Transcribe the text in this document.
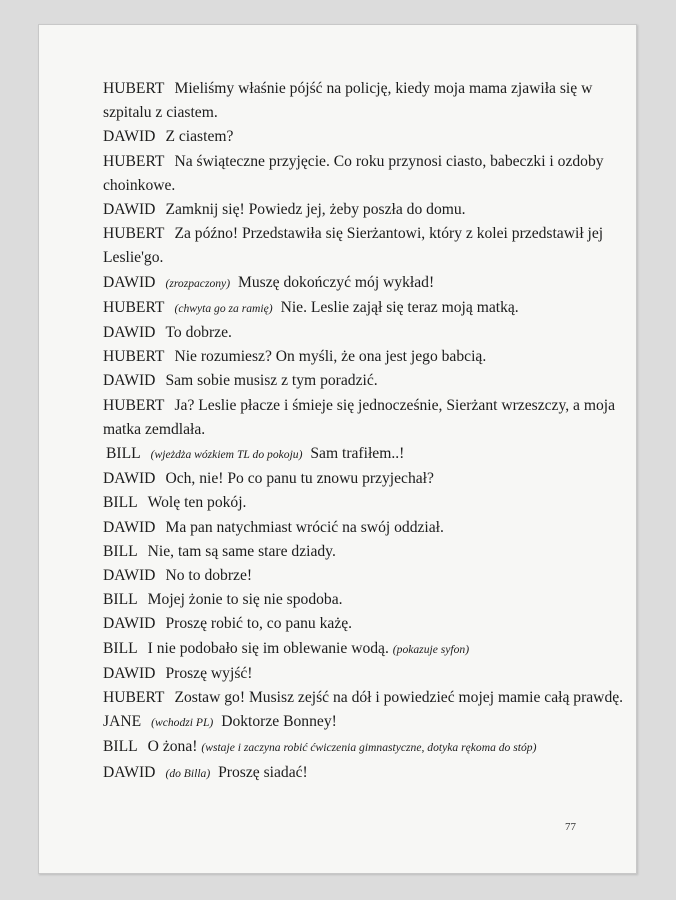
HUBERT Mieliśmy właśnie pójść na policję, kiedy moja mama zjawiła się w
szpitalu z ciastem.
DAWID Z ciastem?
HUBERT Na świąteczne przyjęcie. Co roku przynosi ciasto, babeczki i ozdoby
choinkowe.
DAWID Zamknij się! Powiedz jej, żeby poszła do domu.
HUBERT Za późno! Przedstawiła się Sierżantowi, który z kolei przedstawił jej
Leslie'go.
DAWID (zrozpaczony) Muszę dokończyć mój wykład!
HUBERT (chwyta go za ramię) Nie. Leslie zajął się teraz moją matką.
DAWID To dobrze.
HUBERT Nie rozumiesz? On myśli, że ona jest jego babcią.
DAWID Sam sobie musisz z tym poradzić.
HUBERT Ja? Leslie płacze i śmieje się jednocześnie, Sierżant wrzeszczy, a moja
matka zemdlała.
BILL (wjeżdża wózkiem TL do pokoju) Sam trafiłem..!
DAWID Och, nie! Po co panu tu znowu przyjechał?
BILL Wolę ten pokój.
DAWID Ma pan natychmiast wrócić na swój oddział.
BILL Nie, tam są same stare dziady.
DAWID No to dobrze!
BILL Mojej żonie to się nie spodoba.
DAWID Proszę robić to, co panu każę.
BILL I nie podobało się im oblewanie wodą. (pokazuje syfon)
DAWID Proszę wyjść!
HUBERT Zostaw go! Musisz zejść na dół i powiedzieć mojej mamie całą prawdę.
JANE (wchodzi PL) Doktorze Bonney!
BILL O żona! (wstaje i zaczyna robić ćwiczenia gimnastyczne, dotyka rękoma do stóp)
DAWID (do Billa) Proszę siadać!
77
